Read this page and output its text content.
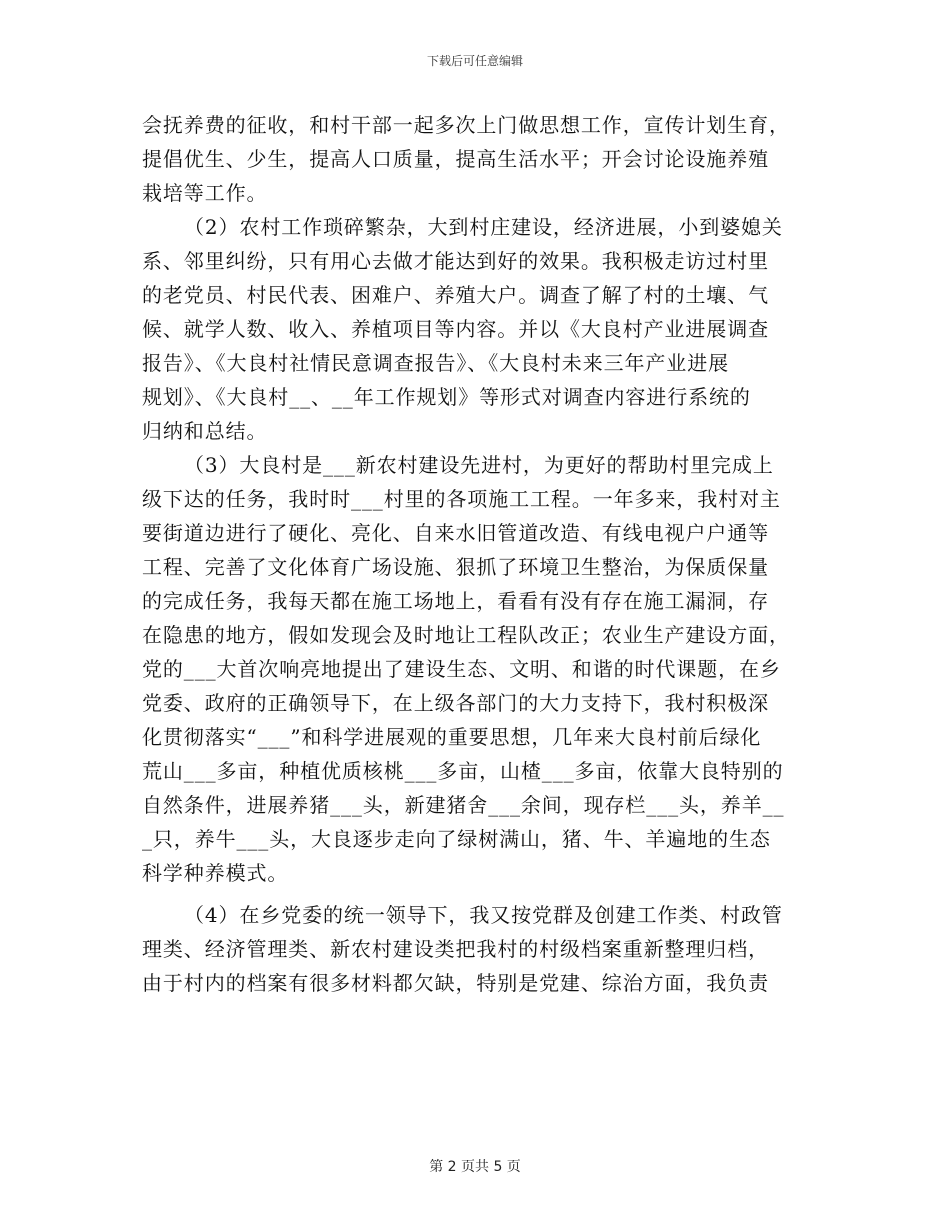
下载后可任意编辑
会抚养费的征收，和村干部一起多次上门做思想工作，宣传计划生育，
提倡优生、少生，提高人口质量，提高生活水平；开会讨论设施养殖
栽培等工作。
（2）农村工作琐碎繁杂，大到村庄建设，经济进展，小到婆媳关
系、邻里纠纷，只有用心去做才能达到好的效果。我积极走访过村里
的老党员、村民代表、困难户、养殖大户。调查了解了村的土壤、气
候、就学人数、收入、养植项目等内容。并以《大良村产业进展调查
报告》、《大良村社情民意调查报告》、《大良村未来三年产业进展
规划》、《大良村__、__年工作规划》等形式对调查内容进行系统的
归纳和总结。
（3）大良村是___新农村建设先进村，为更好的帮助村里完成上
级下达的任务，我时时___村里的各项施工工程。一年多来，我村对主
要街道边进行了硬化、亮化、自来水旧管道改造、有线电视户户通等
工程、完善了文化体育广场设施、狠抓了环境卫生整治，为保质保量
的完成任务，我每天都在施工场地上，看看有没有存在施工漏洞，存
在隐患的地方，假如发现会及时地让工程队改正；农业生产建设方面，
党的___大首次响亮地提出了建设生态、文明、和谐的时代课题，在乡
党委、政府的正确领导下，在上级各部门的大力支持下，我村积极深
化贯彻落实“___”和科学进展观的重要思想，几年来大良村前后绿化
荒山___多亩，种植优质核桃___多亩，山楂___多亩，依靠大良特别的
自然条件，进展养猪___头，新建猪舍___余间，现存栏___头，养羊__
_只，养牛___头，大良逐步走向了绿树满山，猪、牛、羊遍地的生态
科学种养模式。
（4）在乡党委的统一领导下，我又按党群及创建工作类、村政管
理类、经济管理类、新农村建设类把我村的村级档案重新整理归档，
由于村内的档案有很多材料都欠缺，特别是党建、综治方面，我负责
第 2 页共 5 页
